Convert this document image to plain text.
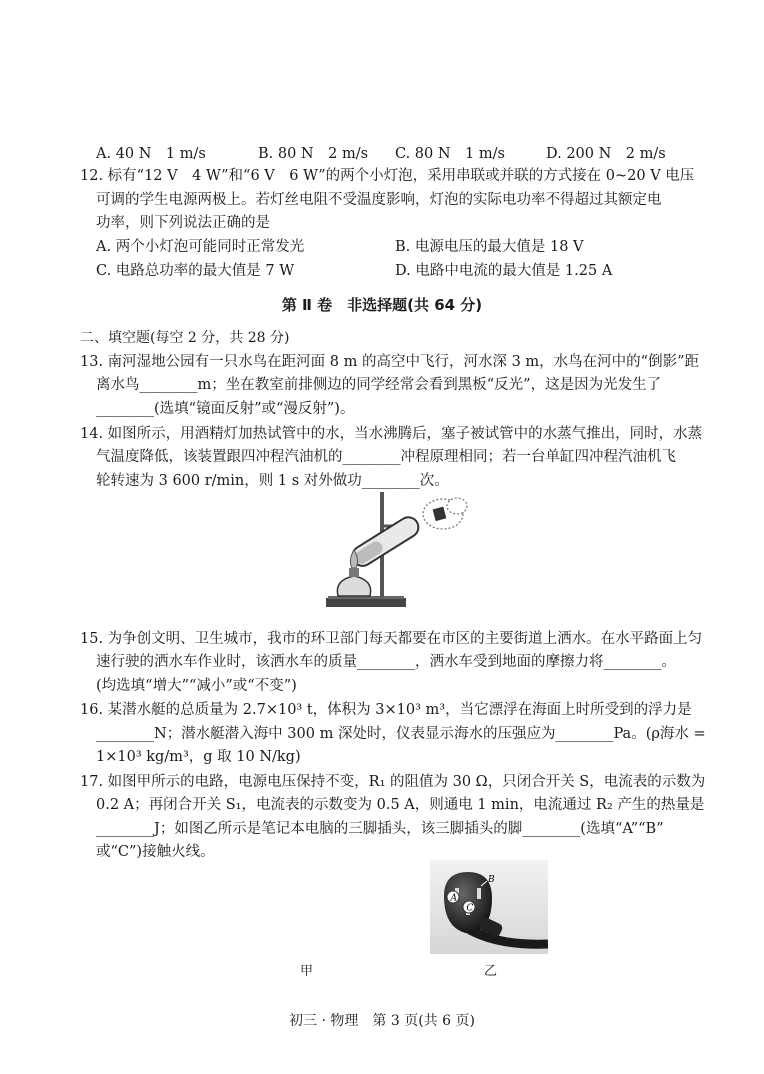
A. 40 N　1 m/s	B. 80 N　2 m/s C. 80 N　1 m/s	D. 200 N　2 m/s
12. 标有“12 V　4 W”和“6 V　6 W”的两个小灯泡，采用串联或并联的方式接在 0~20 V 电压
可调的学生电源两极上。若灯丝电阻不受温度影响，灯泡的实际电功率不得超过其额定电
功率，则下列说法正确的是
A. 两个小灯泡可能同时正常发光	B. 电源电压的最大值是 18 V
C. 电路总功率的最大值是 7 W	D. 电路中电流的最大值是 1.25 A
第 Ⅱ 卷　非选择题(共 64 分)
二、填空题(每空 2 分，共 28 分)
13. 南河湿地公园有一只水鸟在距河面 8 m 的高空中飞行，河水深 3 m，水鸟在河中的“倒影”距
离水鸟________m；坐在教室前排侧边的同学经常会看到黑板“反光”，这是因为光发生了
________(选填“镜面反射”或“漫反射”)。
14. 如图所示，用酒精灯加热试管中的水，当水沸腾后，塞子被试管中的水蒸气推出，同时，水蒸
气温度降低，该装置跟四冲程汽油机的________冲程原理相同；若一台单缸四冲程汽油机飞
轮转速为 3 600 r/min，则 1 s 对外做功________次。
15. 为争创文明、卫生城市，我市的环卫部门每天都要在市区的主要街道上洒水。在水平路面上匀
速行驶的洒水车作业时，该洒水车的质量________，洒水车受到地面的摩擦力将________。
(均选填“增大”“减小”或“不变”)
16. 某潜水艇的总质量为 2.7×10³ t，体积为 3×10³ m³，当它漂浮在海面上时所受到的浮力是
________N；潜水艇潜入海中 300 m 深处时，仪表显示海水的压强应为________Pa。(ρ海水 =
1×10³ kg/m³，g 取 10 N/kg)
17. 如图甲所示的电路，电源电压保持不变，R₁ 的阻值为 30 Ω，只闭合开关 S，电流表的示数为
0.2 A；再闭合开关 S₁，电流表的示数变为 0.5 A，则通电 1 min，电流通过 R₂ 产生的热量是
________J；如图乙所示是笔记本电脑的三脚插头，该三脚插头的脚________(选填“A”“B”
或“C”)接触火线。
A
B
C
甲	乙
初三 · 物理　第 3 页(共 6 页)
